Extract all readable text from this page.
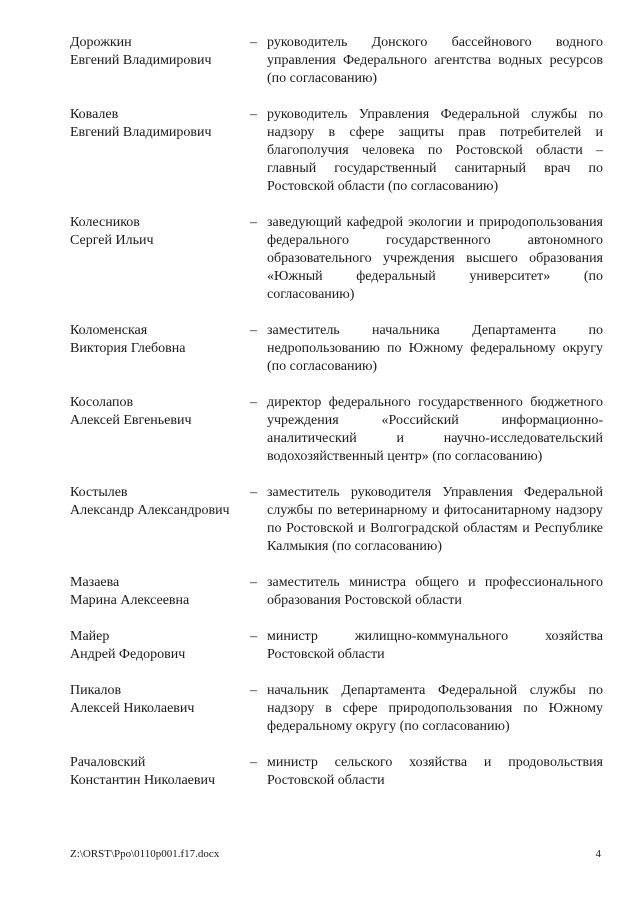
Дорожкин
Евгений Владимирович
– руководитель Донского бассейнового водного управления Федерального агентства водных ресурсов (по согласованию)
Ковалев
Евгений Владимирович
– руководитель Управления Федеральной службы по надзору в сфере защиты прав потребителей и благополучия человека по Ростовской области – главный государственный санитарный врач по Ростовской области (по согласованию)
Колесников
Сергей Ильич
– заведующий кафедрой экологии и природопользования федерального государственного автономного образовательного учреждения высшего образования «Южный федеральный университет» (по согласованию)
Коломенская
Виктория Глебовна
– заместитель начальника Департамента по недропользованию по Южному федеральному округу (по согласованию)
Косолапов
Алексей Евгеньевич
– директор федерального государственного бюджетного учреждения «Российский информационно-аналитический и научно-исследовательский водохозяйственный центр» (по согласованию)
Костылев
Александр Александрович
– заместитель руководителя Управления Федеральной службы по ветеринарному и фитосанитарному надзору по Ростовской и Волгоградской областям и Республике Калмыкия (по согласованию)
Мазаева
Марина Алексеевна
– заместитель министра общего и профессионального образования Ростовской области
Майер
Андрей Федорович
– министр жилищно-коммунального хозяйства Ростовской области
Пикалов
Алексей Николаевич
– начальник Департамента Федеральной службы по надзору в сфере природопользования по Южному федеральному округу (по согласованию)
Рачаловский
Константин Николаевич
– министр сельского хозяйства и продовольствия Ростовской области
Z:\ORST\Ppo\0110p001.f17.docx	4
